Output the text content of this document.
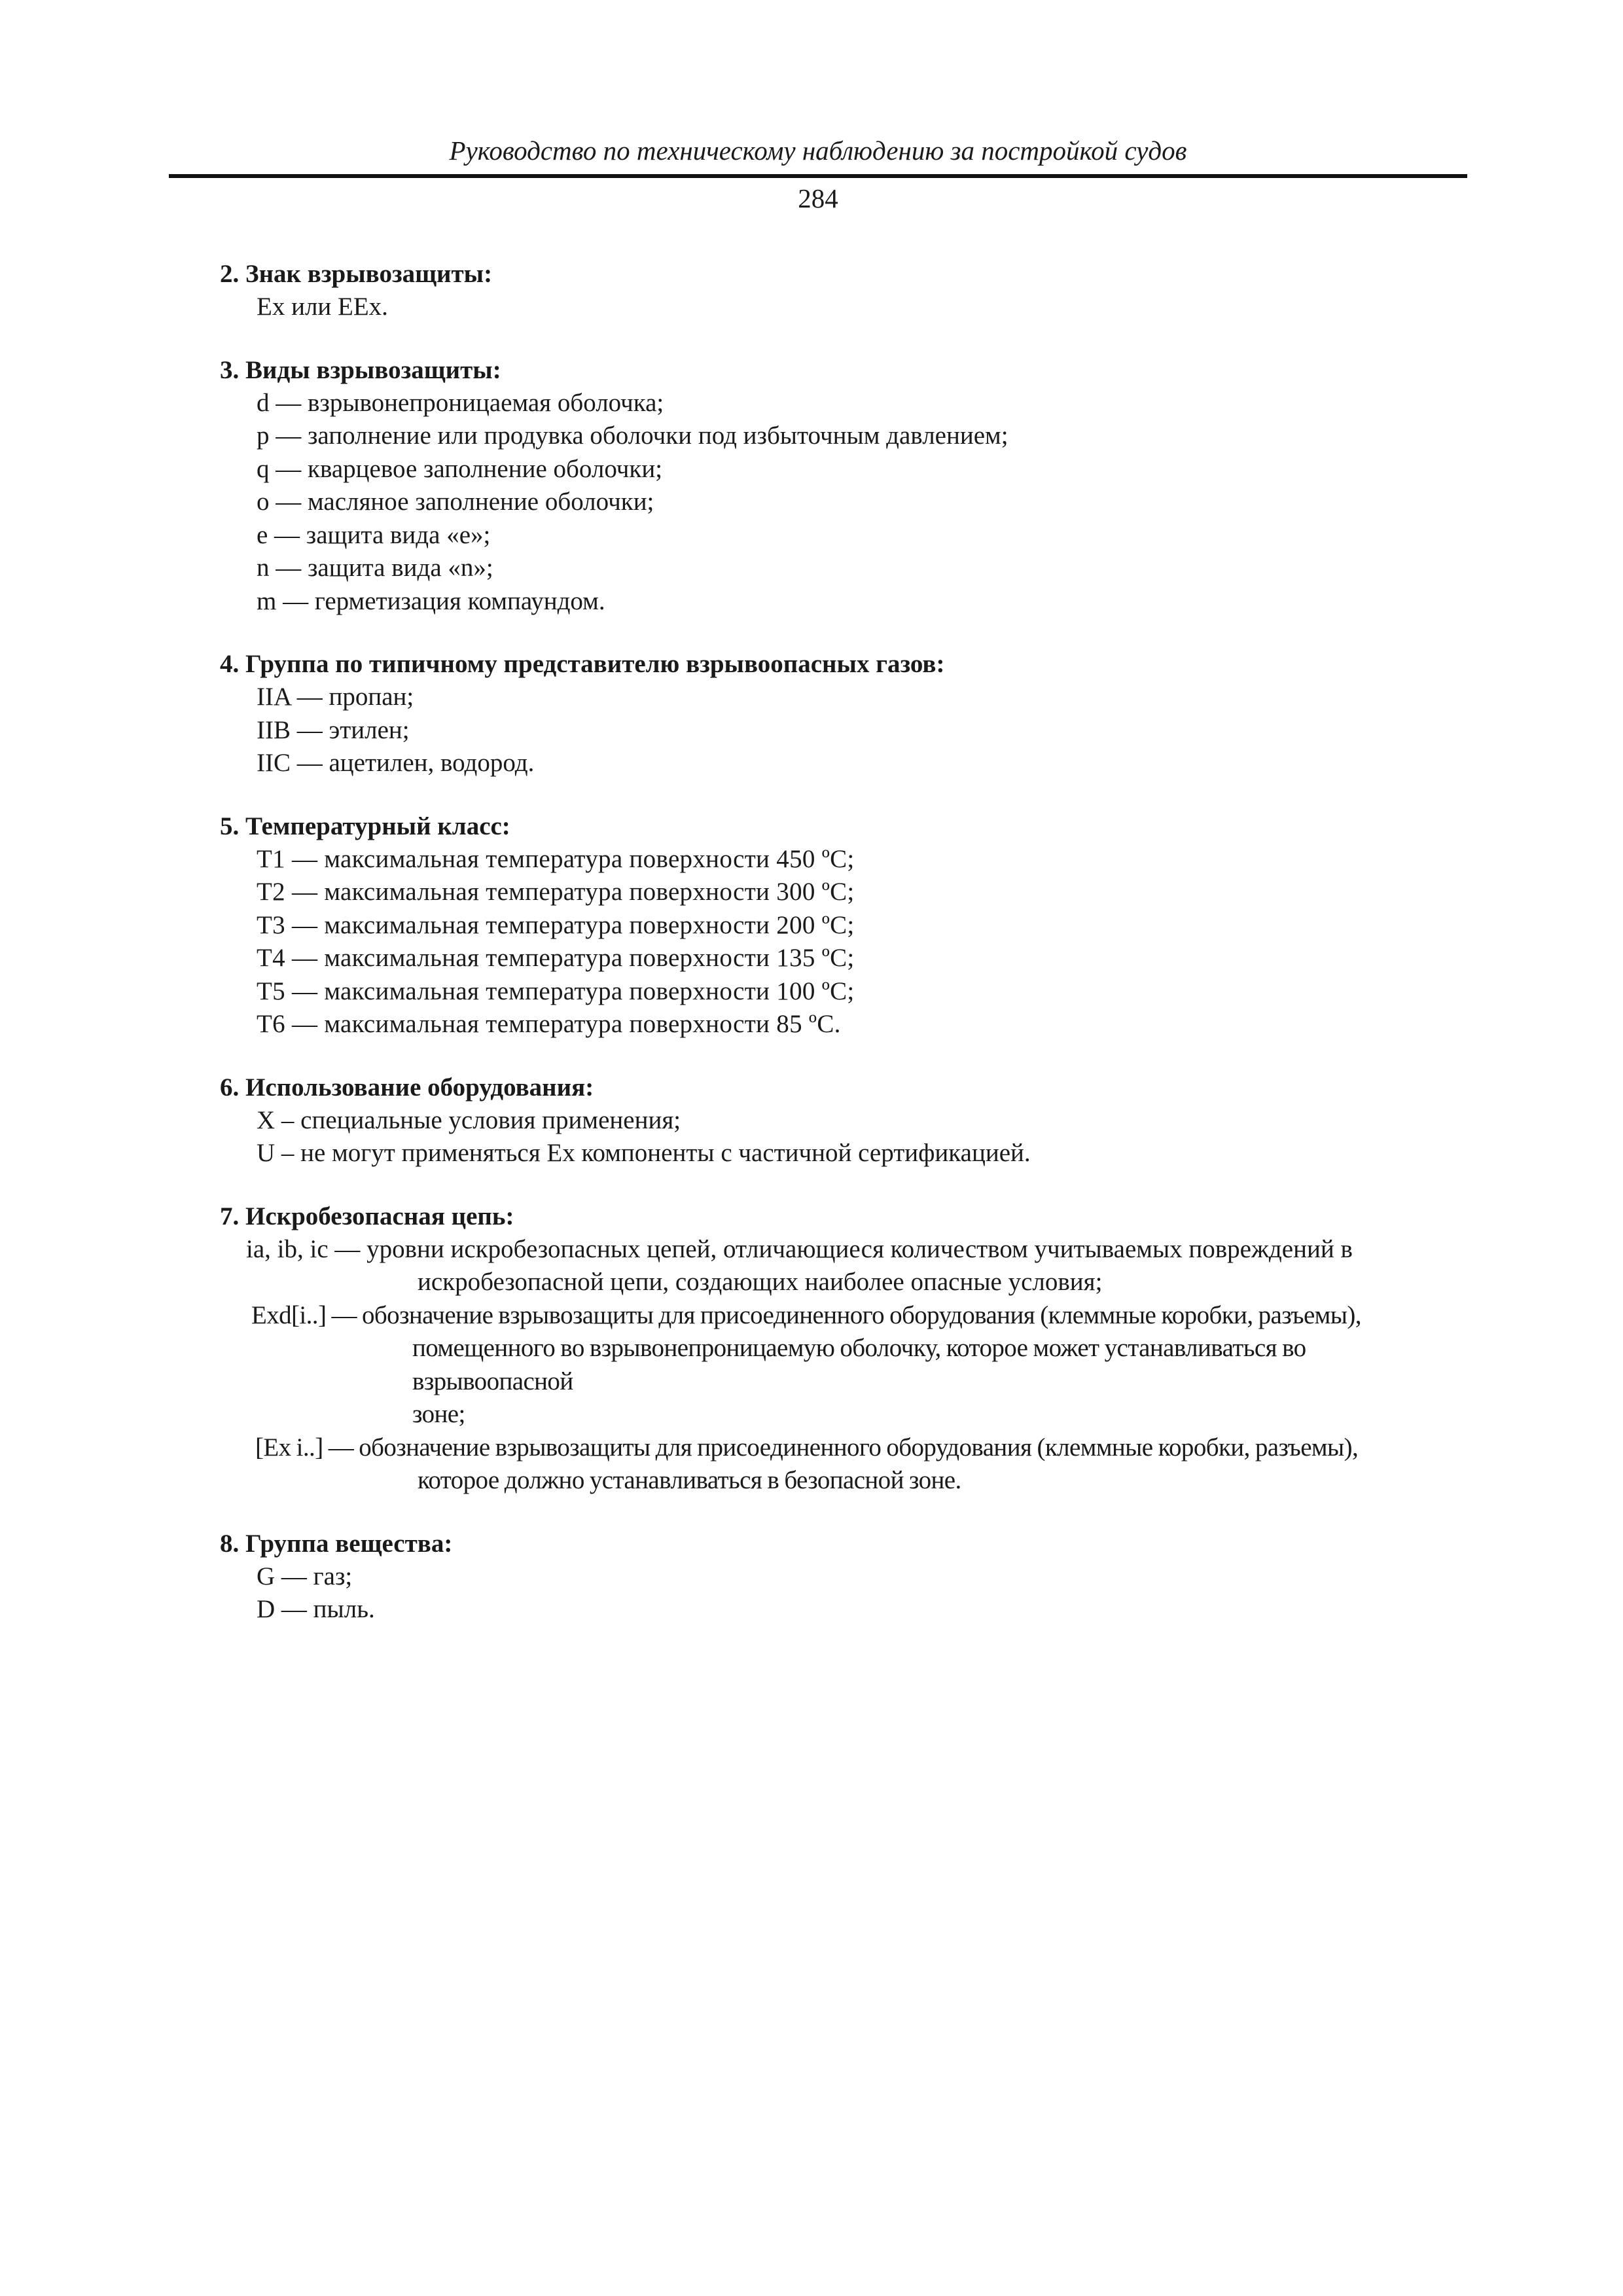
Руководство по техническому наблюдению за постройкой судов
284

2. Знак взрывозащиты:

Ex или EEx.

3. Виды взрывозащиты:

d — взрывонепроницаемая оболочка;
p — заполнение или продувка оболочки под избыточным давлением;
q — кварцевое заполнение оболочки;
o — масляное заполнение оболочки;
e — защита вида «e»;
n — защита вида «n»;
m — герметизация компаундом.

4. Группа по типичному представителю взрывоопасных газов:

IIA — пропан;
IIB — этилен;
IIC — ацетилен, водород.

5. Температурный класс:

T1 — максимальная температура поверхности 450 ºC;
T2 — максимальная температура поверхности 300 ºC;
T3 — максимальная температура поверхности 200 ºC;
T4 — максимальная температура поверхности 135 ºC;
T5 — максимальная температура поверхности 100 ºC;
T6 — максимальная температура поверхности 85 ºC.

6. Использование оборудования:

X – специальные условия применения;
U – не могут применяться Ex компоненты с частичной сертификацией.

7. Искробезопасная цепь:

ia, ib, ic — уровни искробезопасных цепей, отличающиеся количеством учитываемых повреждений в
искробезопасной цепи, создающих наиболее опасные условия;
Exd[i..] — обозначение взрывозащиты для присоединенного оборудования (клеммные коробки, разъемы),
помещенного во взрывонепроницаемую оболочку, которое может устанавливаться во взрывоопасной
зоне;
[Ex i..] — обозначение взрывозащиты для присоединенного оборудования (клеммные коробки, разъемы),
которое должно устанавливаться в безопасной зоне.

8. Группа вещества:

G — газ;
D — пыль.
